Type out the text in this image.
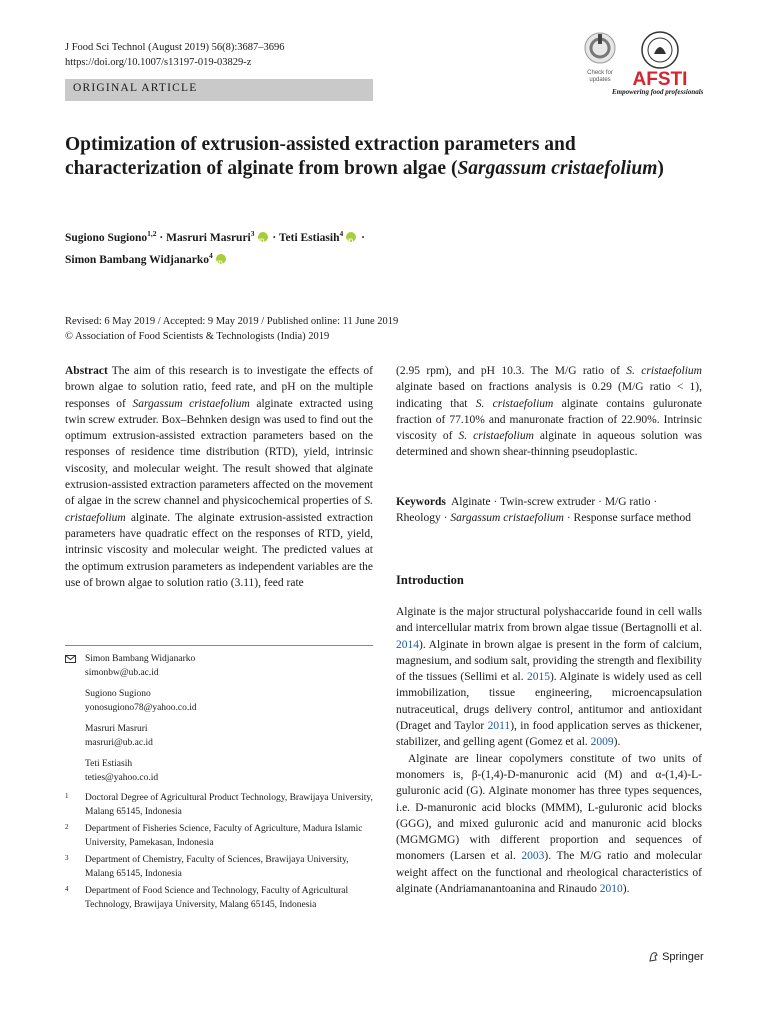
J Food Sci Technol (August 2019) 56(8):3687–3696
https://doi.org/10.1007/s13197-019-03829-z
ORIGINAL ARTICLE
Check for updates	AFSTI
Empowering food professionals
Optimization of extrusion-assisted extraction parameters and characterization of alginate from brown algae (Sargassum cristaefolium)
Sugiono Sugiono$^{1,2}$ · Masruri Masruri$^3$iD · Teti Estiasih$^4$iD ·
Simon Bambang Widjanarko$^4$iD
Revised: 6 May 2019 / Accepted: 9 May 2019 / Published online: 11 June 2019
© Association of Food Scientists & Technologists (India) 2019
Abstract The aim of this research is to investigate the effects of brown algae to solution ratio, feed rate, and pH on the multiple responses of Sargassum cristaefolium alginate extracted using twin screw extruder. Box–Behnken design was used to find out the optimum extrusion-assisted extraction parameters based on the responses of residence time distribution (RTD), yield, intrinsic viscosity, and molecular weight. The result showed that alginate extrusion-assisted extraction parameters affected on the movement of algae in the screw channel and physicochemical properties of S. cristaefolium alginate. The alginate extrusion-assisted extraction parameters have quadratic effect on the responses of RTD, yield, intrinsic viscosity and molecular weight. The predicted values at the optimum extrusion parameters as independent variables are the use of brown algae to solution ratio (3.11), feed rate
(2.95 rpm), and pH 10.3. The M/G ratio of S. cristaefolium alginate based on fractions analysis is 0.29 (M/G ratio < 1), indicating that S. cristaefolium alginate contains guluronate fraction of 77.10% and manuronate fraction of 22.90%. Intrinsic viscosity of S. cristaefolium alginate in aqueous solution was determined and shown shear-thinning pseudoplastic.
Keywords Alginate · Twin-screw extruder · M/G ratio · Rheology · Sargassum cristaefolium · Response surface method
Introduction

Alginate is the major structural polyshaccaride found in cell walls and intercellular matrix from brown algae tissue (Bertagnolli et al. 2014). Alginate in brown algae is present in the form of calcium, magnesium, and sodium salt, providing the strength and flexibility of the tissues (Sellimi et al. 2015). Alginate is widely used as cell immobilization, tissue engineering, microencapsulation nutraceutical, drugs delivery control, antitumor and antioxidant (Draget and Taylor 2011), in food application serves as thickener, stabilizer, and gelling agent (Gomez et al. 2009).

Alginate are linear copolymers constitute of two units of monomers is, β-(1,4)-D-manuronic acid (M) and α-(1,4)-L-guluronic acid (G). Alginate monomer has three types sequences, i.e. D-manuronic acid blocks (MMM), L-guluronic acid blocks (GGG), and mixed guluronic acid and manuronic acid blocks (MGMGMG) with different proportion and sequences of monomers (Larsen et al. 2003). The M/G ratio and molecular weight affect on the functional and rheological characteristics of alginate (Andriamanantoanina and Rinaudo 2010).

Simon Bambang Widjanarko
simonbw@ub.ac.id
Sugiono Sugiono
yonosugiono78@yahoo.co.id
Masruri Masruri
masruri@ub.ac.id
Teti Estiasih
teties@yahoo.co.id
1	Doctoral Degree of Agricultural Product Technology, Brawijaya University, Malang 65145, Indonesia
2	Department of Fisheries Science, Faculty of Agriculture, Madura Islamic University, Pamekasan, Indonesia
3	Department of Chemistry, Faculty of Sciences, Brawijaya University, Malang 65145, Indonesia
4	Department of Food Science and Technology, Faculty of Agricultural Technology, Brawijaya University, Malang 65145, Indonesia
Springer
